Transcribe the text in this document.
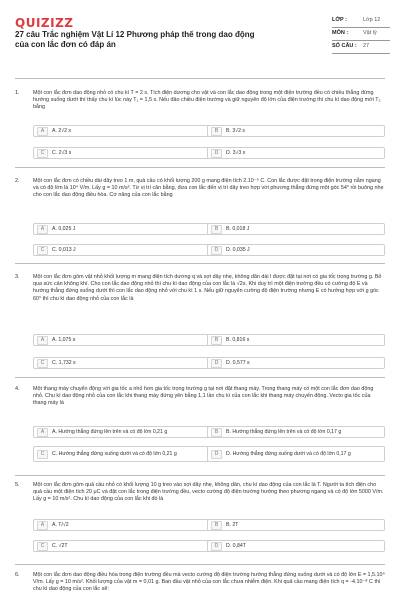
QUIZIZZ
27 câu Trắc nghiệm Vật Lí 12 Phương pháp thế trong dao động của con lắc đơn có đáp án
LỚP :	Lớp 12
MÔN :	Vật lý
SỐ CÂU :	27
1. Một con lắc đơn dao động nhỏ có chu kì T = 2 s. Tích điện dương cho vật và con lắc dao động trong một điện trường đều có chiều thẳng đứng hướng xuống dưới thì thấy chu kì lúc này T₁ = 1,5 s. Nếu đảo chiều điện trường và giữ nguyên độ lớn của điện trường thì chu kì dao động mới T₂ bằng
A	A. 2√2 s	B	B. 3√2 s
C	C. 2√3 s	D	D. 3√3 s
2. Một con lắc đơn có chiều dài dây treo 1 m, quả cầu có khối lượng 200 g mang điện tích 2.10⁻⁵ C. Con lắc được đặt trong điện trường nằm ngang và có độ lớn là 10⁴ V/m. Lấy g = 10 m/s². Từ vị trí cân bằng, đưa con lắc đến vị trí dây treo hợp với phương thẳng đứng một góc 54° rồi buông nhẹ cho con lắc dao động điều hòa. Cơ năng của con lắc bằng
A	A. 0,025 J	B	B. 0,018 J
C	C. 0,013 J	D	D. 0,035 J
3. Một con lắc đơn gồm vật nhỏ khối lượng m mang điện tích dương q và sợi dây nhẹ, không dãn dài l được đặt tại nơi có gia tốc trọng trường g. Bỏ qua sức cản không khí. Cho con lắc dao động nhỏ thì chu kì dao động của con lắc là √2s. Khi duy trì một điện trường đều có cường độ E và hướng thẳng đứng xuống dưới thì con lắc dao động nhỏ với chu kì 1 s. Nếu giữ nguyên cường độ điện trường nhưng E có hướng hợp với g góc 60° thì chu kì dao động nhỏ của con lắc là
A	A. 1,075 s	B	B. 0,816 s
C	C. 1,732 s	D	D. 0,577 s
4. Một thang máy chuyển động với gia tốc a nhỏ hơn gia tốc trọng trường g tại nơi đặt thang máy. Trong thang máy có một con lắc đơn dao động nhỏ. Chu kì dao động nhỏ của con lắc khi thang máy đứng yên bằng 1,1 lần chu kì của con lắc khi thang máy chuyển động. Vecto gia tốc của thang máy là
A	A. Hướng thẳng đứng lên trên và có độ lớn 0,21 g	B	B. Hướng thẳng đứng lên trên và có độ lớn 0,17 g
C	C. Hướng thẳng đứng xuống dưới và có độ lớn 0,21 g	D	D. Hướng thẳng đứng xuống dưới và có độ lớn 0,17 g
5. Một con lắc đơn gồm quả cầu nhỏ có khối lượng 10 g treo vào sợi dây nhẹ, không dãn, chu kì dao động của con lắc là T. Người ta tích điện cho quả cầu một điện tích 20 μC và đặt con lắc trong điện trường đều, vecto cường độ điện trường hướng theo phương ngang và có độ lớn 5000 V/m. Lấy g = 10 m/s². Chu kì dao động của con lắc khi đó là
A	A. T/√2	B	B. 2T
C	C. √2T	D	D. 0,84T
6. Một con lắc đơn dao động điều hòa trong điện trường đều mà vecto cường độ điện trường hướng thẳng đứng xuống dưới và có độ lớn E = 1,5.10⁴ V/m. Lấy g = 10 m/s². Khối lượng của vật m = 0,01 g. Ban đầu vật nhỏ của con lắc chưa nhiễm điện. Khi quả cầu mang điện tích q = -4.10⁻⁸ C thì chu kì dao động của con lắc sẽ:
